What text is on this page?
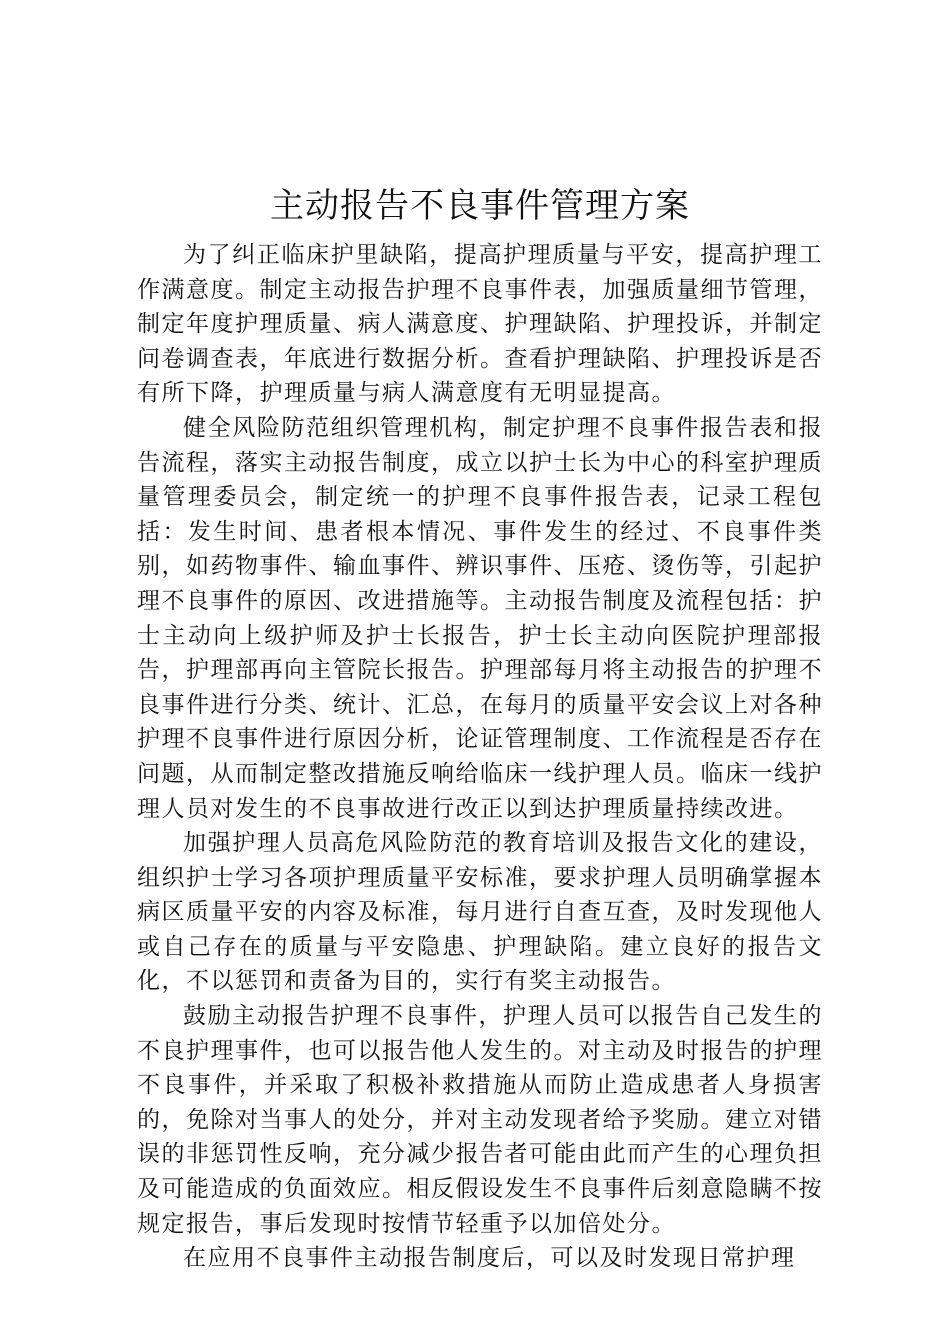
主动报告不良事件管理方案

为了纠正临床护里缺陷，提高护理质量与平安，提高护理工作满意度。制定主动报告护理不良事件表，加强质量细节管理，制定年度护理质量、病人满意度、护理缺陷、护理投诉，并制定问卷调查表，年底进行数据分析。查看护理缺陷、护理投诉是否有所下降，护理质量与病人满意度有无明显提高。

健全风险防范组织管理机构，制定护理不良事件报告表和报告流程，落实主动报告制度，成立以护士长为中心的科室护理质量管理委员会，制定统一的护理不良事件报告表，记录工程包括：发生时间、患者根本情况、事件发生的经过、不良事件类别，如药物事件、输血事件、辨识事件、压疮、烫伤等，引起护理不良事件的原因、改进措施等。主动报告制度及流程包括：护士主动向上级护师及护士长报告，护士长主动向医院护理部报告，护理部再向主管院长报告。护理部每月将主动报告的护理不良事件进行分类、统计、汇总，在每月的质量平安会议上对各种护理不良事件进行原因分析，论证管理制度、工作流程是否存在问题，从而制定整改措施反响给临床一线护理人员。临床一线护理人员对发生的不良事故进行改正以到达护理质量持续改进。

加强护理人员高危风险防范的教育培训及报告文化的建设，组织护士学习各项护理质量平安标准，要求护理人员明确掌握本病区质量平安的内容及标准，每月进行自查互查，及时发现他人或自己存在的质量与平安隐患、护理缺陷。建立良好的报告文化，不以惩罚和责备为目的，实行有奖主动报告。

鼓励主动报告护理不良事件，护理人员可以报告自己发生的不良护理事件，也可以报告他人发生的。对主动及时报告的护理不良事件，并采取了积极补救措施从而防止造成患者人身损害的，免除对当事人的处分，并对主动发现者给予奖励。建立对错误的非惩罚性反响，充分减少报告者可能由此而产生的心理负担及可能造成的负面效应。相反假设发生不良事件后刻意隐瞒不按规定报告，事后发现时按情节轻重予以加倍处分。

在应用不良事件主动报告制度后，可以及时发现日常护理
